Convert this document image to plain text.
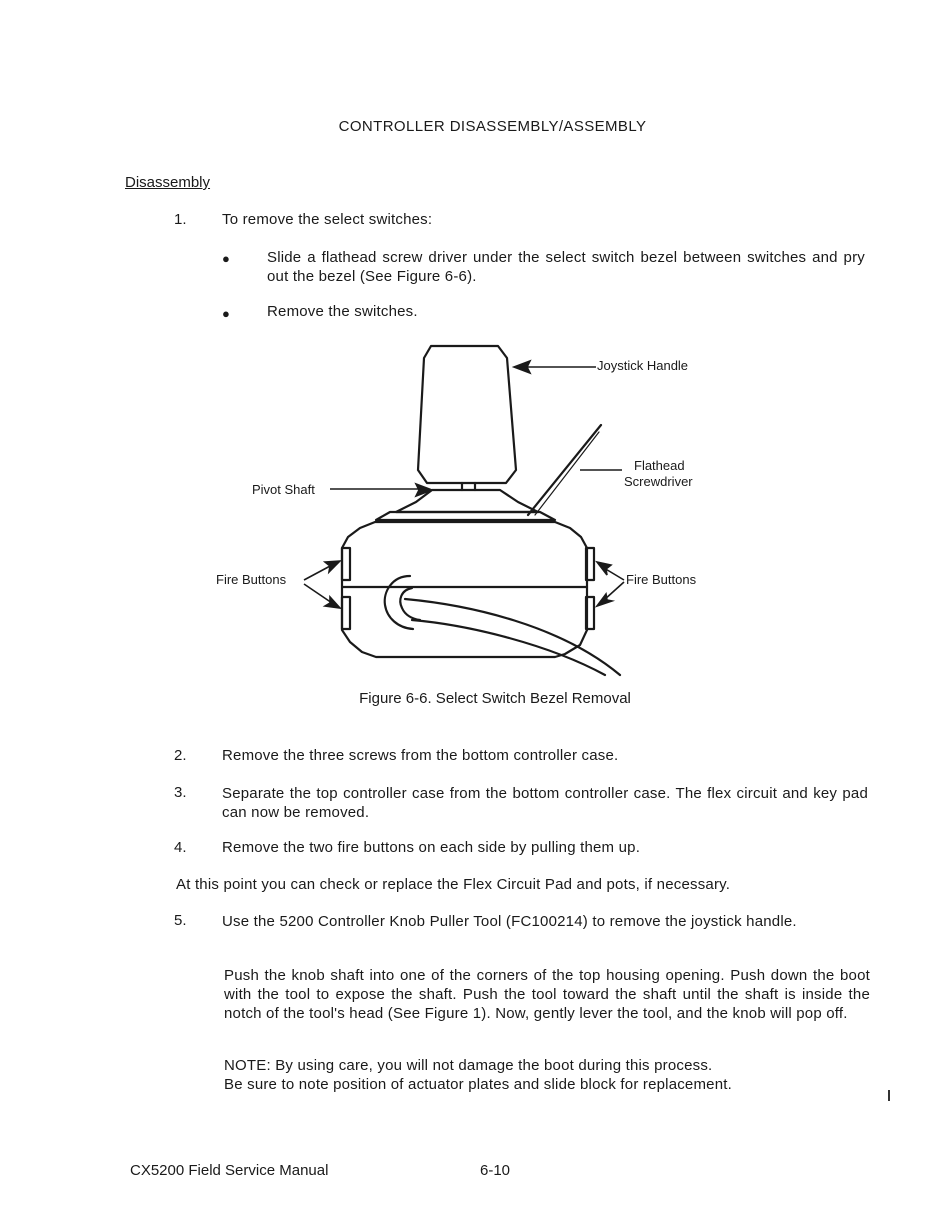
CONTROLLER DISASSEMBLY/ASSEMBLY
Disassembly
1. To remove the select switches:
● Slide a flathead screw driver under the select switch bezel between switches and pry out the bezel (See Figure 6-6).
● Remove the switches.
Joystick Handle
Flathead
Screwdriver
Pivot Shaft
Fire Buttons	Fire Buttons
Figure 6-6. Select Switch Bezel Removal
2. Remove the three screws from the bottom controller case.
3. Separate the top controller case from the bottom controller case. The flex circuit and key pad can now be removed.
4. Remove the two fire buttons on each side by pulling them up.
At this point you can check or replace the Flex Circuit Pad and pots, if necessary.
5. Use the 5200 Controller Knob Puller Tool (FC100214) to remove the joystick handle.
Push the knob shaft into one of the corners of the top housing opening. Push down the boot with the tool to expose the shaft. Push the tool toward the shaft until the shaft is inside the notch of the tool's head (See Figure 1). Now, gently lever the tool, and the knob will pop off.
NOTE: By using care, you will not damage the boot during this process.
Be sure to note position of actuator plates and slide block for replacement.
CX5200 Field Service Manual	6-10
